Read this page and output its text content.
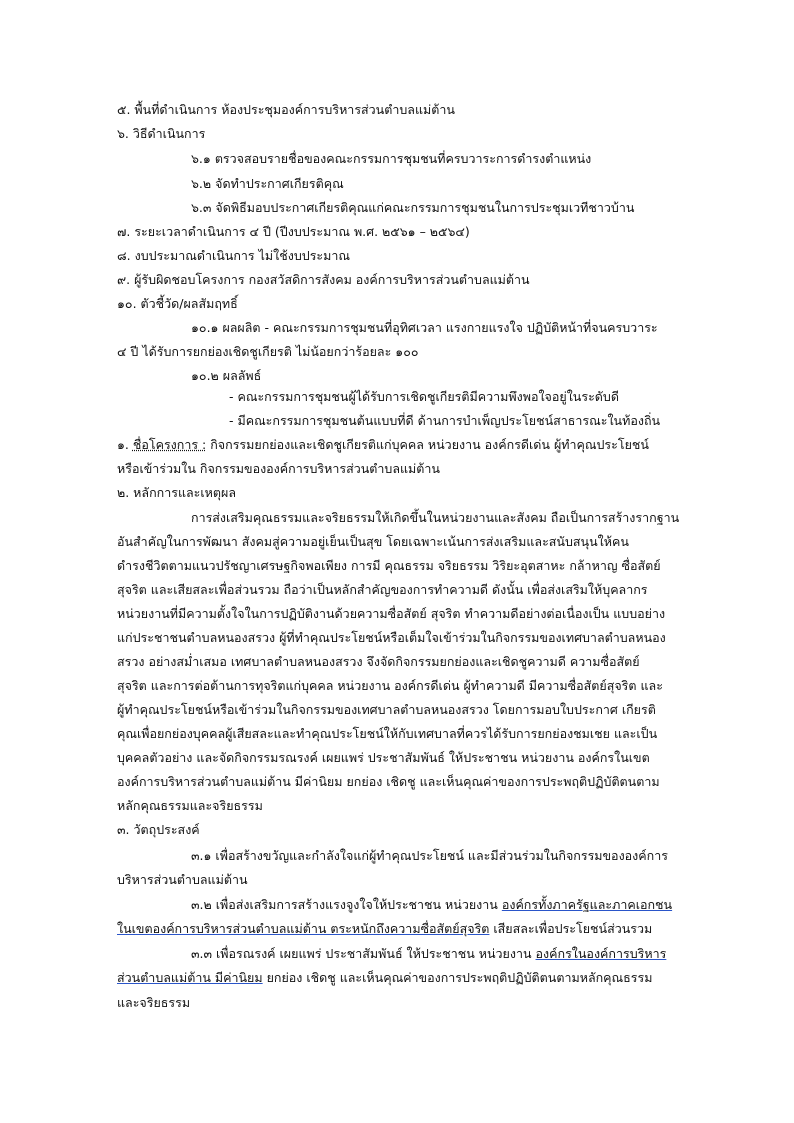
๕. พื้นที่ดำเนินการ ห้องประชุมองค์การบริหารส่วนตำบลแม่ต้าน
๖. วิธีดำเนินการ
๖.๑ ตรวจสอบรายชื่อของคณะกรรมการชุมชนที่ครบวาระการดำรงตำแหน่ง
๖.๒ จัดทำประกาศเกียรติคุณ
๖.๓ จัดพิธีมอบประกาศเกียรติคุณแก่คณะกรรมการชุมชนในการประชุมเวทีชาวบ้าน
๗. ระยะเวลาดำเนินการ ๔ ปี (ปีงบประมาณ พ.ศ. ๒๕๖๑ – ๒๕๖๔)
๘. งบประมาณดำเนินการ ไม่ใช้งบประมาณ
๙. ผู้รับผิดชอบโครงการ กองสวัสดิการสังคม องค์การบริหารส่วนตำบลแม่ต้าน
๑๐. ตัวชี้วัด/ผลสัมฤทธิ์
๑๐.๑ ผลผลิต - คณะกรรมการชุมชนที่อุทิศเวลา แรงกายแรงใจ ปฏิบัติหน้าที่จนครบวาระ
๔ ปี ได้รับการยกย่องเชิดชูเกียรติ ไม่น้อยกว่าร้อยละ ๑๐๐
๑๐.๒ ผลลัพธ์
- คณะกรรมการชุมชนผู้ได้รับการเชิดชูเกียรติมีความพึงพอใจอยู่ในระดับดี
- มีคณะกรรมการชุมชนต้นแบบที่ดี ด้านการบำเพ็ญประโยชน์สาธารณะในท้องถิ่น
๑. ชื่อโครงการ : กิจกรรมยกย่องและเชิดชูเกียรติแก่บุคคล หน่วยงาน องค์กรดีเด่น ผู้ทำคุณประโยชน์
หรือเข้าร่วมใน กิจกรรมขององค์การบริหารส่วนตำบลแม่ต้าน
๒. หลักการและเหตุผล
การส่งเสริมคุณธรรมและจริยธรรมให้เกิดขึ้นในหน่วยงานและสังคม ถือเป็นการสร้างรากฐาน
อันสำคัญในการพัฒนา สังคมสู่ความอยู่เย็นเป็นสุข โดยเฉพาะเน้นการส่งเสริมและสนับสนุนให้คน
ดำรงชีวิตตามแนวปรัชญาเศรษฐกิจพอเพียง การมี คุณธรรม จริยธรรม วิริยะอุตสาหะ กล้าหาญ ซื่อสัตย์
สุจริต และเสียสละเพื่อส่วนรวม ถือว่าเป็นหลักสำคัญของการทำความดี ดังนั้น เพื่อส่งเสริมให้บุคลากร
หน่วยงานที่มีความตั้งใจในการปฏิบัติงานด้วยความซื่อสัตย์ สุจริต ทำความดีอย่างต่อเนื่องเป็น แบบอย่าง
แก่ประชาชนตำบลหนองสรวง ผู้ที่ทำคุณประโยชน์หรือเต็มใจเข้าร่วมในกิจกรรมของเทศบาลตำบลหนอง
สรวง อย่างสม่ำเสมอ เทศบาลตำบลหนองสรวง จึงจัดกิจกรรมยกย่องและเชิดชูความดี ความซื่อสัตย์
สุจริต และการต่อต้านการทุจริตแก่บุคคล หน่วยงาน องค์กรดีเด่น ผู้ทำความดี มีความซื่อสัตย์สุจริต และ
ผู้ทำคุณประโยชน์หรือเข้าร่วมในกิจกรรมของเทศบาลตำบลหนองสรวง โดยการมอบใบประกาศ เกียรติ
คุณเพื่อยกย่องบุคคลผู้เสียสละและทำคุณประโยชน์ให้กับเทศบาลที่ควรได้รับการยกย่องชมเชย และเป็น
บุคคลตัวอย่าง และจัดกิจกรรมรณรงค์ เผยแพร่ ประชาสัมพันธ์ ให้ประชาชน หน่วยงาน องค์กรในเขต
องค์การบริหารส่วนตำบลแม่ต้าน มีค่านิยม ยกย่อง เชิดชู และเห็นคุณค่าของการประพฤติปฏิบัติตนตาม
หลักคุณธรรมและจริยธรรม
๓. วัตถุประสงค์
๓.๑ เพื่อสร้างขวัญและกำลังใจแก่ผู้ทำคุณประโยชน์ และมีส่วนร่วมในกิจกรรมขององค์การ
บริหารส่วนตำบลแม่ต้าน
๓.๒ เพื่อส่งเสริมการสร้างแรงจูงใจให้ประชาชน หน่วยงาน องค์กรทั้งภาครัฐและภาคเอกชน
ในเขตองค์การบริหารส่วนตำบลแม่ต้าน ตระหนักถึงความซื่อสัตย์สุจริต เสียสละเพื่อประโยชน์ส่วนรวม
๓.๓ เพื่อรณรงค์ เผยแพร่ ประชาสัมพันธ์ ให้ประชาชน หน่วยงาน องค์กรในองค์การบริหาร
ส่วนตำบลแม่ต้าน มีค่านิยม ยกย่อง เชิดชู และเห็นคุณค่าของการประพฤติปฏิบัติตนตามหลักคุณธรรม
และจริยธรรม
